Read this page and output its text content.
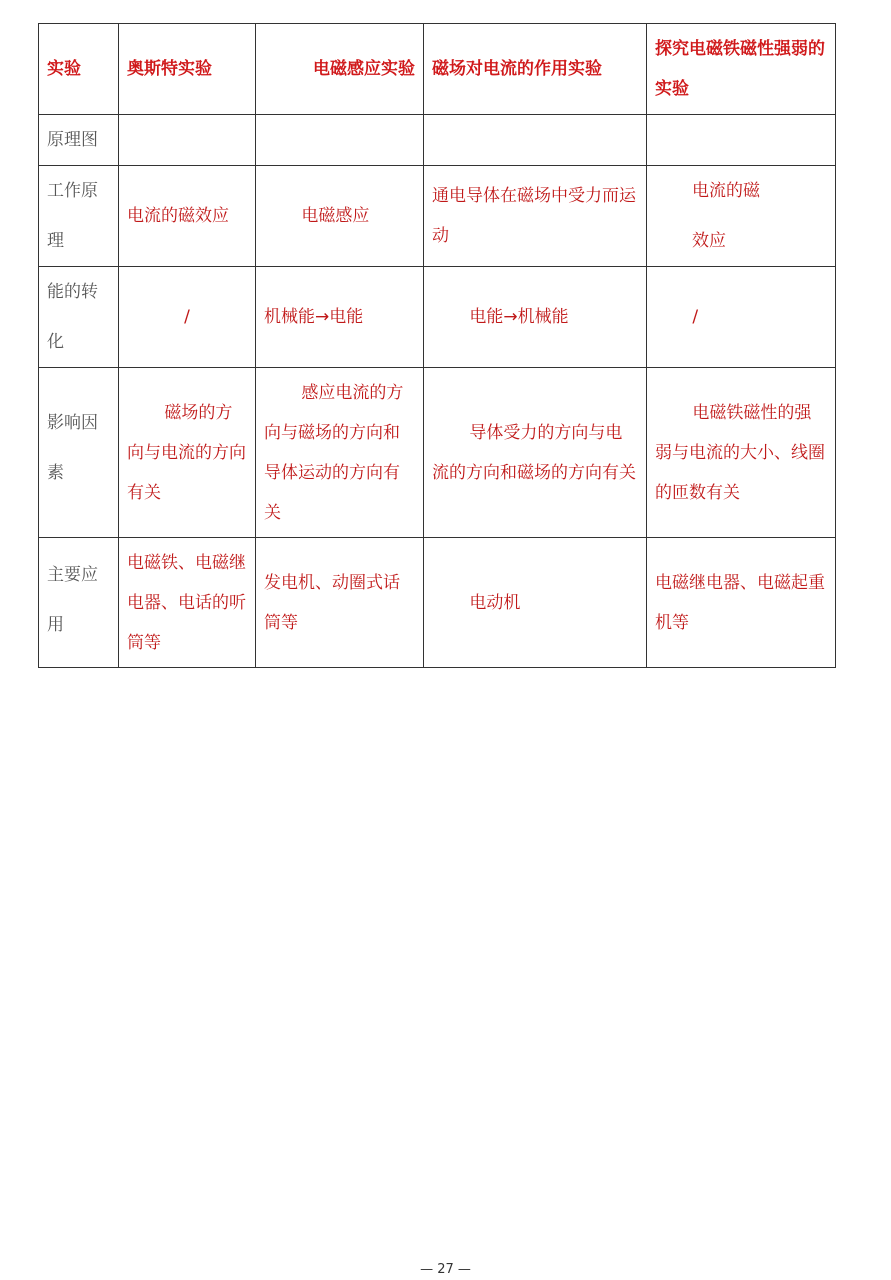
实验	奥斯特实验	电磁感应实验	磁场对电流的作用实验	探究电磁铁磁性强弱的实验
原理图				
工作原理	电流的磁效应	电磁感应	通电导体在磁场中受力而运动	电流的磁效应
能的转化	/	机械能→电能	电能→机械能	/
影响因素	磁场的方向与电流的方向有关	感应电流的方向与磁场的方向和导体运动的方向有关	导体受力的方向与电流的方向和磁场的方向有关	电磁铁磁性的强弱与电流的大小、线圈的匝数有关
主要应用	电磁铁、电磁继电器、电话的听筒等	发电机、动圈式话筒等	电动机	电磁继电器、电磁起重机等
— 27 —
